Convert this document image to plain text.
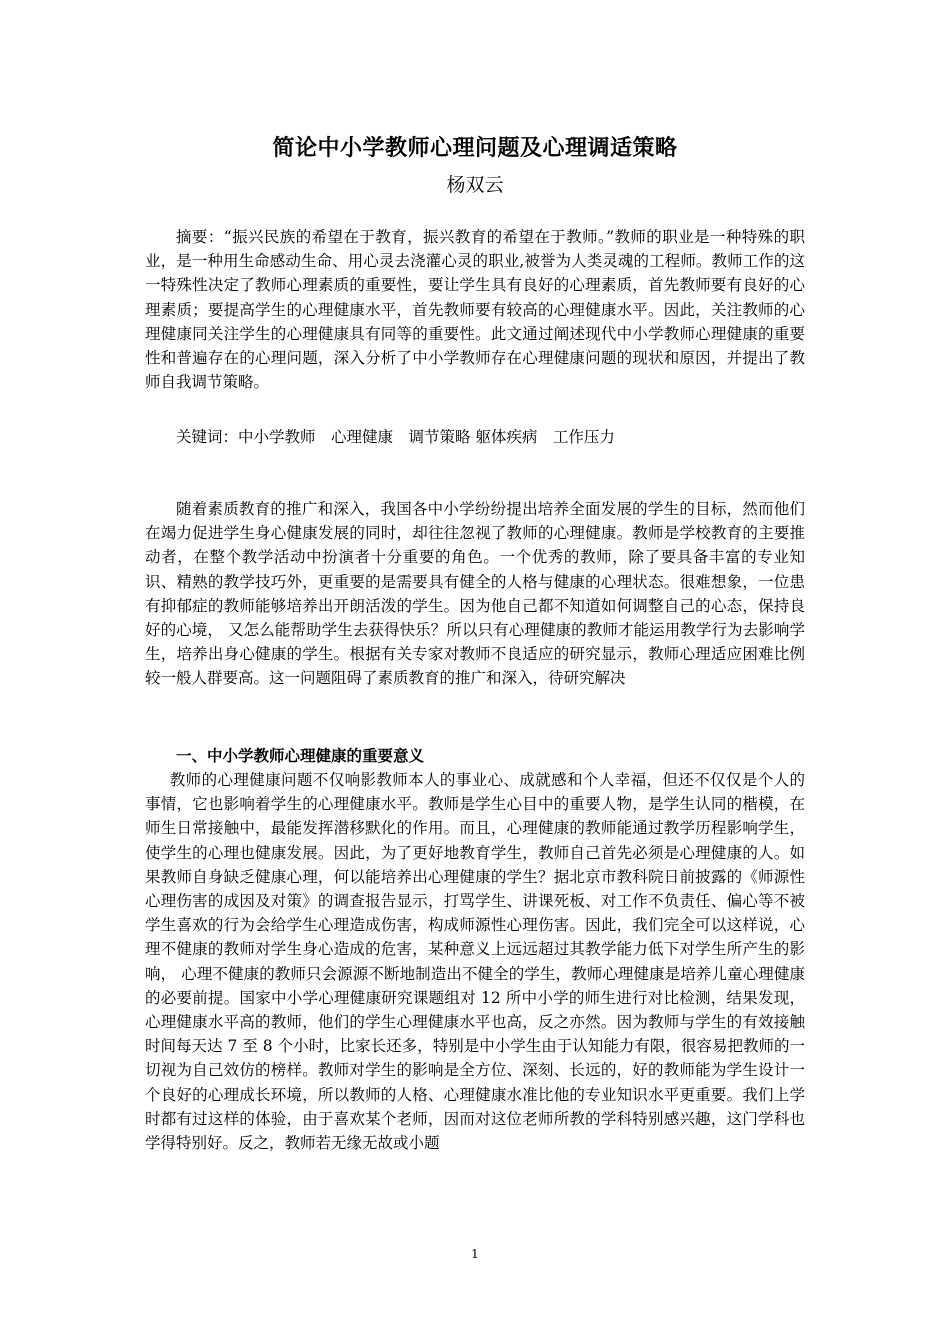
简论中小学教师心理问题及心理调适策略
杨双云

摘要：“振兴民族的希望在于教育，振兴教育的希望在于教师。”教师的职业是一种特殊的职业，是一种用生命感动生命、用心灵去浇灌心灵的职业,被誉为人类灵魂的工程师。教师工作的这一特殊性决定了教师心理素质的重要性，要让学生具有良好的心理素质，首先教师要有良好的心理素质；要提高学生的心理健康水平，首先教师要有较高的心理健康水平。因此，关注教师的心理健康同关注学生的心理健康具有同等的重要性。此文通过阐述现代中小学教师心理健康的重要性和普遍存在的心理问题，深入分析了中小学教师存在心理健康问题的现状和原因，并提出了教师自我调节策略。

关键词：中小学教师　心理健康　调节策略 躯体疾病　工作压力

随着素质教育的推广和深入，我国各中小学纷纷提出培养全面发展的学生的目标，然而他们在竭力促进学生身心健康发展的同时，却往往忽视了教师的心理健康。教师是学校教育的主要推动者，在整个教学活动中扮演者十分重要的角色。一个优秀的教师，除了要具备丰富的专业知识、精熟的教学技巧外，更重要的是需要具有健全的人格与健康的心理状态。很难想象，一位患有抑郁症的教师能够培养出开朗活泼的学生。因为他自己都不知道如何调整自己的心态，保持良好的心境， 又怎么能帮助学生去获得快乐？所以只有心理健康的教师才能运用教学行为去影响学生，培养出身心健康的学生。根据有关专家对教师不良适应的研究显示，教师心理适应困难比例较一般人群要高。这一问题阻碍了素质教育的推广和深入，待研究解决

一、中小学教师心理健康的重要意义

教师的心理健康问题不仅响影教师本人的事业心、成就感和个人幸福，但还不仅仅是个人的事情，它也影响着学生的心理健康水平。教师是学生心目中的重要人物，是学生认同的楷模，在师生日常接触中，最能发挥潜移默化的作用。而且，心理健康的教师能通过教学历程影响学生，使学生的心理也健康发展。因此，为了更好地教育学生，教师自己首先必须是心理健康的人。如果教师自身缺乏健康心理，何以能培养出心理健康的学生？据北京市教科院日前披露的《师源性心理伤害的成因及对策》的调查报告显示，打骂学生、讲课死板、对工作不负责任、偏心等不被学生喜欢的行为会给学生心理造成伤害，构成师源性心理伤害。因此，我们完全可以这样说，心理不健康的教师对学生身心造成的危害，某种意义上远远超过其教学能力低下对学生所产生的影响， 心理不健康的教师只会源源不断地制造出不健全的学生，教师心理健康是培养儿童心理健康的必要前提。国家中小学心理健康研究课题组对 12 所中小学的师生进行对比检测，结果发现，心理健康水平高的教师，他们的学生心理健康水平也高，反之亦然。因为教师与学生的有效接触时间每天达 7 至 8 个小时，比家长还多，特别是中小学生由于认知能力有限，很容易把教师的一切视为自己效仿的榜样。教师对学生的影响是全方位、深刻、长远的，好的教师能为学生设计一个良好的心理成长环境，所以教师的人格、心理健康水准比他的专业知识水平更重要。我们上学时都有过这样的体验，由于喜欢某个老师，因而对这位老师所教的学科特别感兴趣，这门学科也学得特别好。反之，教师若无缘无故或小题

1
